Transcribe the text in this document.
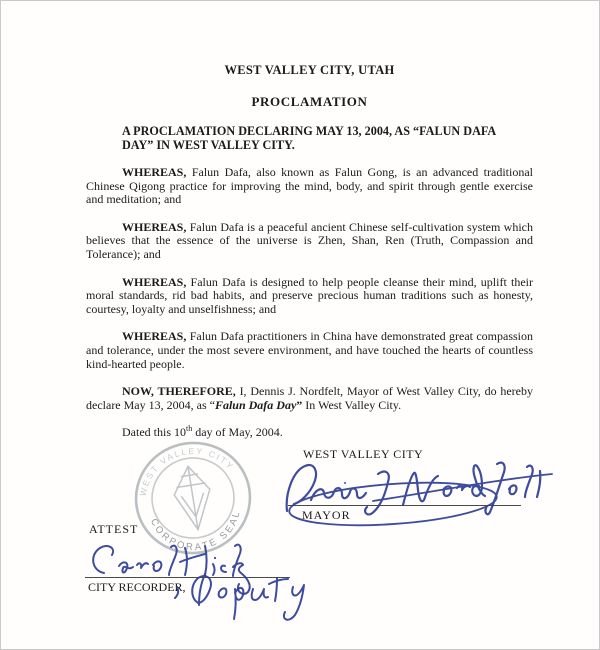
WEST VALLEY CITY, UTAH
PROCLAMATION
A PROCLAMATION DECLARING MAY 13, 2004, AS “FALUN DAFA
DAY” IN WEST VALLEY CITY.

WHEREAS, Falun Dafa, also known as Falun Gong, is an advanced traditional Chinese Qigong practice for improving the mind, body, and spirit through gentle exercise and meditation; and

WHEREAS, Falun Dafa is a peaceful ancient Chinese self-cultivation system which believes that the essence of the universe is Zhen, Shan, Ren (Truth, Compassion and Tolerance); and

WHEREAS, Falun Dafa is designed to help people cleanse their mind, uplift their moral standards, rid bad habits, and preserve precious human traditions such as honesty, courtesy, loyalty and unselfishness; and

WHEREAS, Falun Dafa practitioners in China have demonstrated great compassion and tolerance, under the most severe environment, and have touched the hearts of countless kind-hearted people.

NOW, THEREFORE, I, Dennis J. Nordfelt, Mayor of West Valley City, do hereby declare May 13, 2004, as “Falun Dafa Day” In West Valley City.

Dated this 10th day of May, 2004.

WEST VALLEY CITY
CORPORATE SEAL
WEST VALLEY CITY
MAYOR
ATTEST
CITY RECORDER,
